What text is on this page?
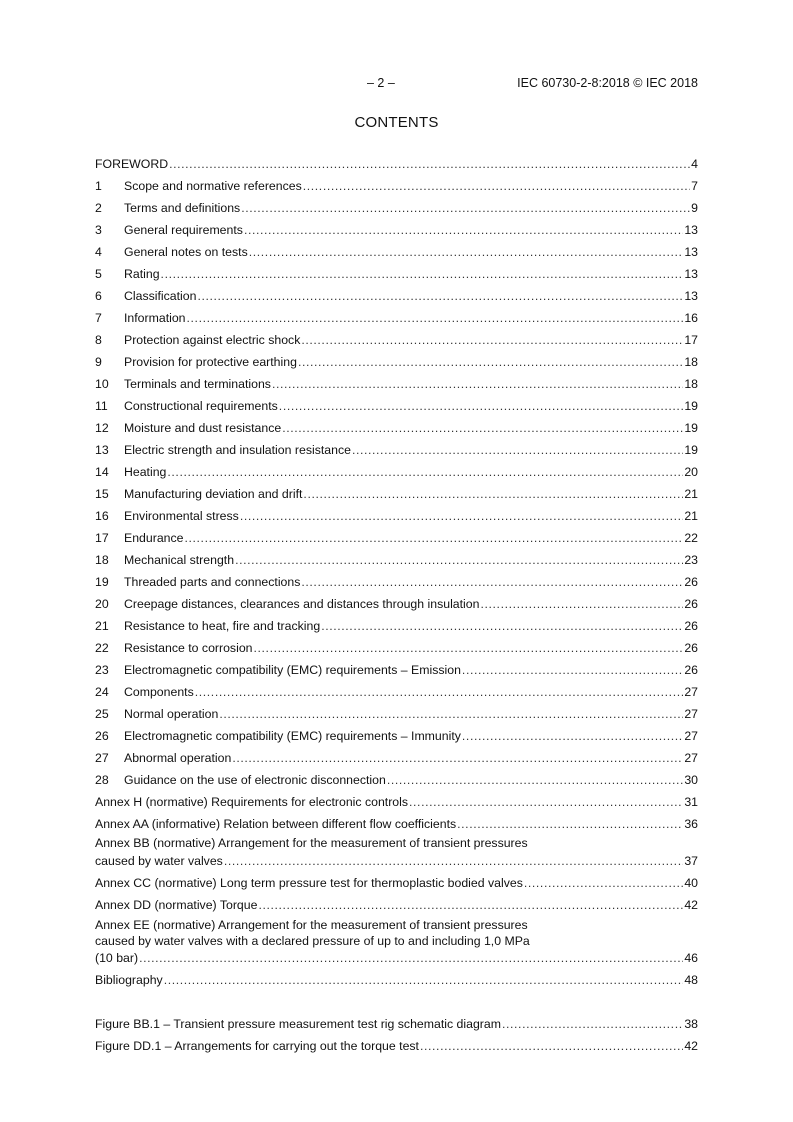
– 2 –	IEC 60730-2-8:2018 © IEC 2018
CONTENTS
FOREWORD .....	4
1	Scope and normative references .....	7
2	Terms and definitions .....	9
3	General requirements .....	13
4	General notes on tests .....	13
5	Rating .....	13
6	Classification .....	13
7	Information .....	16
8	Protection against electric shock .....	17
9	Provision for protective earthing .....	18
10	Terminals and terminations .....	18
11	Constructional requirements .....	19
12	Moisture and dust resistance .....	19
13	Electric strength and insulation resistance .....	19
14	Heating .....	20
15	Manufacturing deviation and drift .....	21
16	Environmental stress .....	21
17	Endurance .....	22
18	Mechanical strength .....	23
19	Threaded parts and connections .....	26
20	Creepage distances, clearances and distances through insulation .....	26
21	Resistance to heat, fire and tracking .....	26
22	Resistance to corrosion .....	26
23	Electromagnetic compatibility (EMC) requirements – Emission .....	26
24	Components .....	27
25	Normal operation .....	27
26	Electromagnetic compatibility (EMC) requirements – Immunity .....	27
27	Abnormal operation .....	27
28	Guidance on the use of electronic disconnection .....	30
Annex H (normative) Requirements for electronic controls .....	31
Annex AA (informative) Relation between different flow coefficients .....	36
Annex BB (normative) Arrangement for the measurement of transient pressures
caused by water valves .....	37
Annex CC (normative) Long term pressure test for thermoplastic bodied valves .....	40
Annex DD (normative) Torque .....	42
Annex EE (normative) Arrangement for the measurement of transient pressures
caused by water valves with a declared pressure of up to and including 1,0 MPa
(10 bar) .....	46
Bibliography .....	48
Figure BB.1 – Transient pressure measurement test rig schematic diagram .....	38
Figure DD.1 – Arrangements for carrying out the torque test .....	42
